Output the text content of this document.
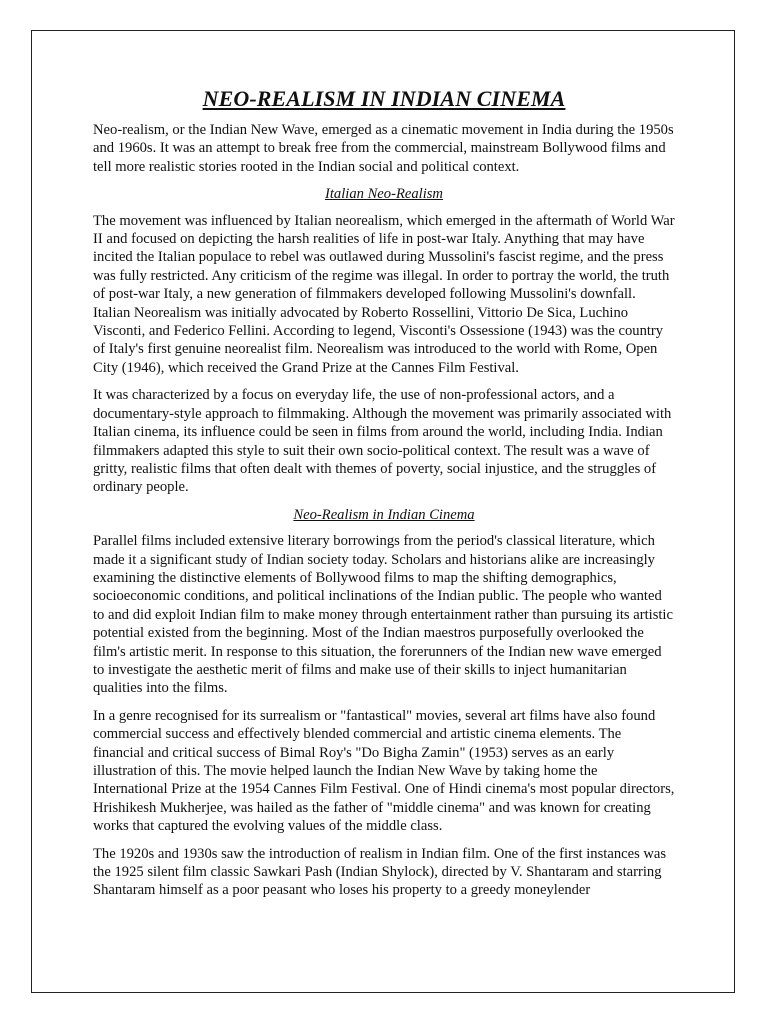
NEO-REALISM IN INDIAN CINEMA

Neo-realism, or the Indian New Wave, emerged as a cinematic movement in India during the 1950s and 1960s. It was an attempt to break free from the commercial, mainstream Bollywood films and tell more realistic stories rooted in the Indian social and political context.

Italian Neo-Realism

The movement was influenced by Italian neorealism, which emerged in the aftermath of World War II and focused on depicting the harsh realities of life in post-war Italy. Anything that may have incited the Italian populace to rebel was outlawed during Mussolini's fascist regime, and the press was fully restricted. Any criticism of the regime was illegal. In order to portray the world, the truth of post-war Italy, a new generation of filmmakers developed following Mussolini's downfall. Italian Neorealism was initially advocated by Roberto Rossellini, Vittorio De Sica, Luchino Visconti, and Federico Fellini. According to legend, Visconti's Ossessione (1943) was the country of Italy's first genuine neorealist film. Neorealism was introduced to the world with Rome, Open City (1946), which received the Grand Prize at the Cannes Film Festival.

It was characterized by a focus on everyday life, the use of non-professional actors, and a documentary-style approach to filmmaking. Although the movement was primarily associated with Italian cinema, its influence could be seen in films from around the world, including India. Indian filmmakers adapted this style to suit their own socio-political context. The result was a wave of gritty, realistic films that often dealt with themes of poverty, social injustice, and the struggles of ordinary people.

Neo-Realism in Indian Cinema

Parallel films included extensive literary borrowings from the period's classical literature, which made it a significant study of Indian society today. Scholars and historians alike are increasingly examining the distinctive elements of Bollywood films to map the shifting demographics, socioeconomic conditions, and political inclinations of the Indian public. The people who wanted to and did exploit Indian film to make money through entertainment rather than pursuing its artistic potential existed from the beginning. Most of the Indian maestros purposefully overlooked the film's artistic merit. In response to this situation, the forerunners of the Indian new wave emerged to investigate the aesthetic merit of films and make use of their skills to inject humanitarian qualities into the films.

In a genre recognised for its surrealism or "fantastical" movies, several art films have also found commercial success and effectively blended commercial and artistic cinema elements. The financial and critical success of Bimal Roy's "Do Bigha Zamin" (1953) serves as an early illustration of this. The movie helped launch the Indian New Wave by taking home the International Prize at the 1954 Cannes Film Festival. One of Hindi cinema's most popular directors, Hrishikesh Mukherjee, was hailed as the father of "middle cinema" and was known for creating works that captured the evolving values of the middle class.

The 1920s and 1930s saw the introduction of realism in Indian film. One of the first instances was the 1925 silent film classic Sawkari Pash (Indian Shylock), directed by V. Shantaram and starring Shantaram himself as a poor peasant who loses his property to a greedy moneylender
